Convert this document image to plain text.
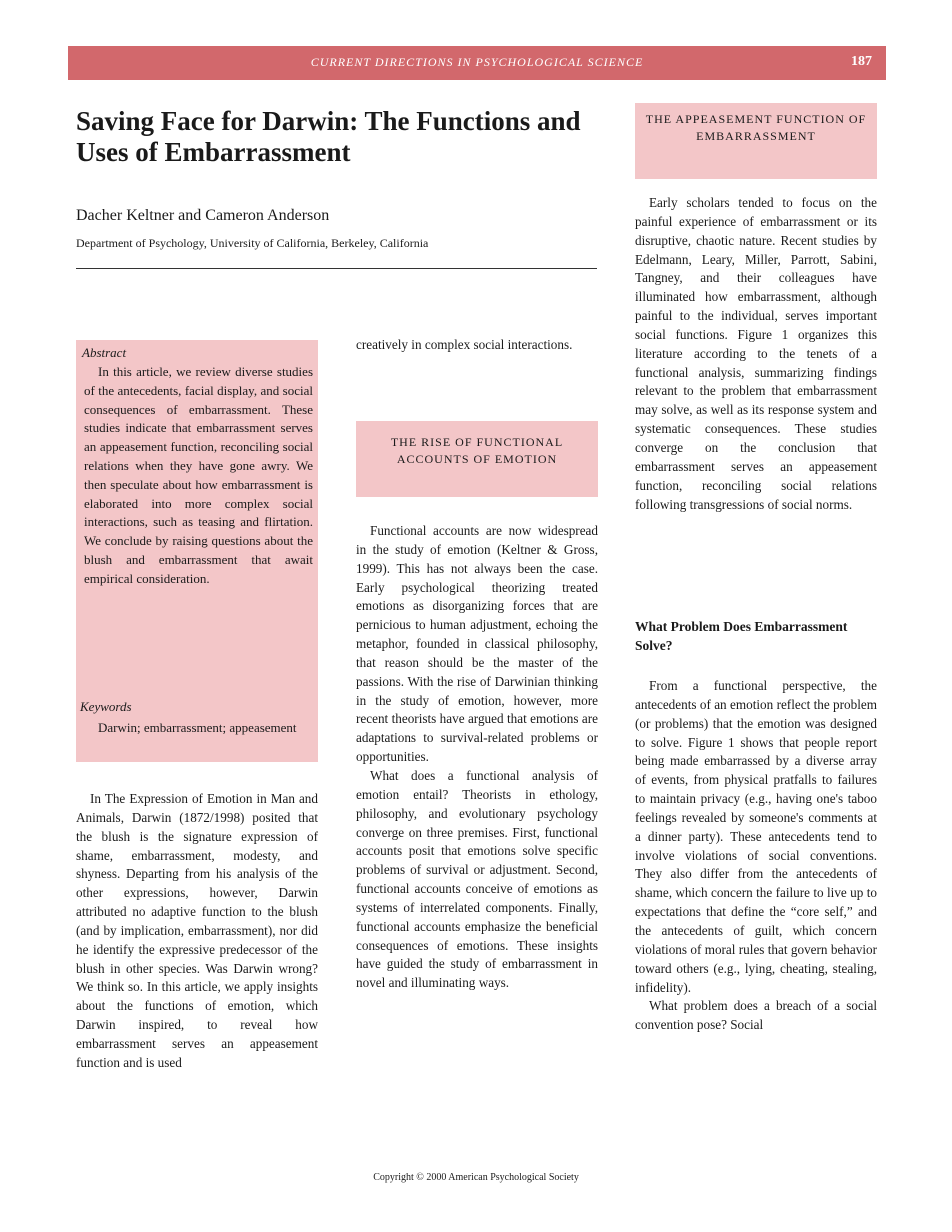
CURRENT DIRECTIONS IN PSYCHOLOGICAL SCIENCE	187
Saving Face for Darwin: The Functions and Uses of Embarrassment
Dacher Keltner and Cameron Anderson
Department of Psychology, University of California, Berkeley, California
Abstract
In this article, we review diverse studies of the antecedents, facial display, and social consequences of embarrassment. These studies indicate that embarrassment serves an appeasement function, reconciling social relations when they have gone awry. We then speculate about how embarrassment is elaborated into more complex social interactions, such as teasing and flirtation. We conclude by raising questions about the blush and embarrassment that await empirical consideration.
Keywords
Darwin; embarrassment; appeasement

In The Expression of Emotion in Man and Animals, Darwin (1872/1998) posited that the blush is the signature expression of shame, embarrassment, modesty, and shyness. Departing from his analysis of the other expressions, however, Darwin attributed no adaptive function to the blush (and by implication, embarrassment), nor did he identify the expressive predecessor of the blush in other species. Was Darwin wrong? We think so. In this article, we apply insights about the functions of emotion, which Darwin inspired, to reveal how embarrassment serves an appeasement function and is used

creatively in complex social interactions.

THE RISE OF FUNCTIONAL ACCOUNTS OF EMOTION

Functional accounts are now widespread in the study of emotion (Keltner & Gross, 1999). This has not always been the case. Early psychological theorizing treated emotions as disorganizing forces that are pernicious to human adjustment, echoing the metaphor, founded in classical philosophy, that reason should be the master of the passions. With the rise of Darwinian thinking in the study of emotion, however, more recent theorists have argued that emotions are adaptations to survival-related problems or opportunities.

What does a functional analysis of emotion entail? Theorists in ethology, philosophy, and evolutionary psychology converge on three premises. First, functional accounts posit that emotions solve specific problems of survival or adjustment. Second, functional accounts conceive of emotions as systems of interrelated components. Finally, functional accounts emphasize the beneficial consequences of emotions. These insights have guided the study of embarrassment in novel and illuminating ways.

THE APPEASEMENT FUNCTION OF EMBARRASSMENT

Early scholars tended to focus on the painful experience of embarrassment or its disruptive, chaotic nature. Recent studies by Edelmann, Leary, Miller, Parrott, Sabini, Tangney, and their colleagues have illuminated how embarrassment, although painful to the individual, serves important social functions. Figure 1 organizes this literature according to the tenets of a functional analysis, summarizing findings relevant to the problem that embarrassment may solve, as well as its response system and systematic consequences. These studies converge on the conclusion that embarrassment serves an appeasement function, reconciling social relations following transgressions of social norms.

What Problem Does Embarrassment Solve?

From a functional perspective, the antecedents of an emotion reflect the problem (or problems) that the emotion was designed to solve. Figure 1 shows that people report being made embarrassed by a diverse array of events, from physical pratfalls to failures to maintain privacy (e.g., having one's taboo feelings revealed by someone's comments at a dinner party). These antecedents tend to involve violations of social conventions. They also differ from the antecedents of shame, which concern the failure to live up to expectations that define the “core self,” and the antecedents of guilt, which concern violations of moral rules that govern behavior toward others (e.g., lying, cheating, stealing, infidelity).

What problem does a breach of a social convention pose? Social

Copyright © 2000 American Psychological Society
